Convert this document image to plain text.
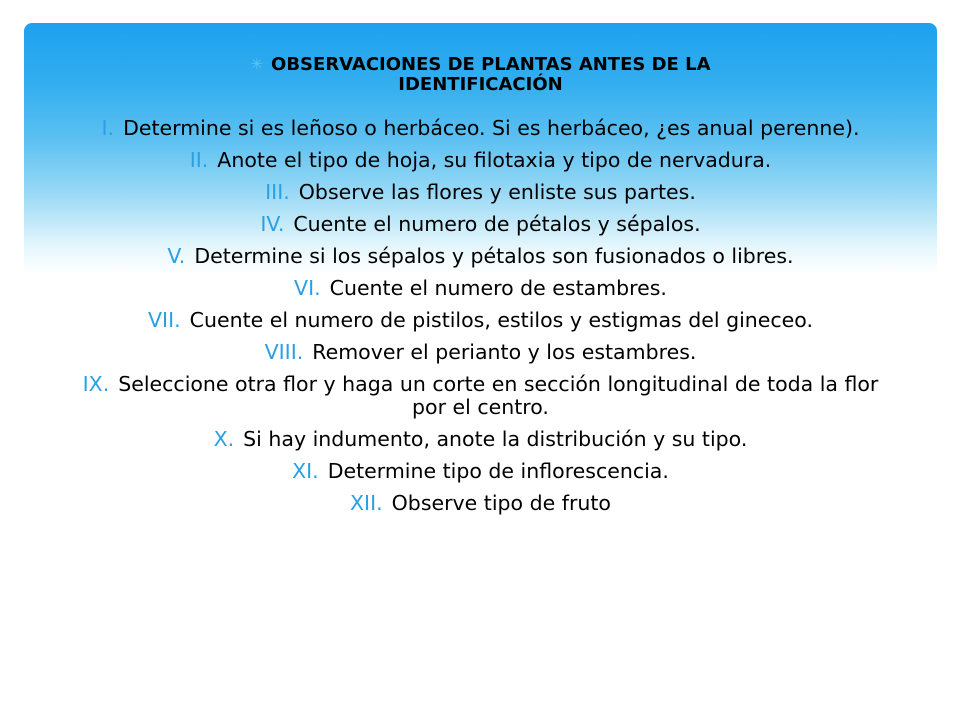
✳ OBSERVACIONES DE PLANTAS ANTES DE LA
IDENTIFICACIÓN
I. Determine si es leñoso o herbáceo. Si es herbáceo, ¿es anual perenne).
II. Anote el tipo de hoja, su filotaxia y tipo de nervadura.
III. Observe las flores y enliste sus partes.
IV. Cuente el numero de pétalos y sépalos.
V. Determine si los sépalos y pétalos son fusionados o libres.
VI. Cuente el numero de estambres.
VII. Cuente el numero de pistilos, estilos y estigmas del gineceo.
VIII. Remover el perianto y los estambres.
IX. Seleccione otra flor y haga un corte en sección longitudinal de toda la flor por el centro.
X. Si hay indumento, anote la distribución y su tipo.
XI. Determine tipo de inflorescencia.
XII. Observe tipo de fruto
